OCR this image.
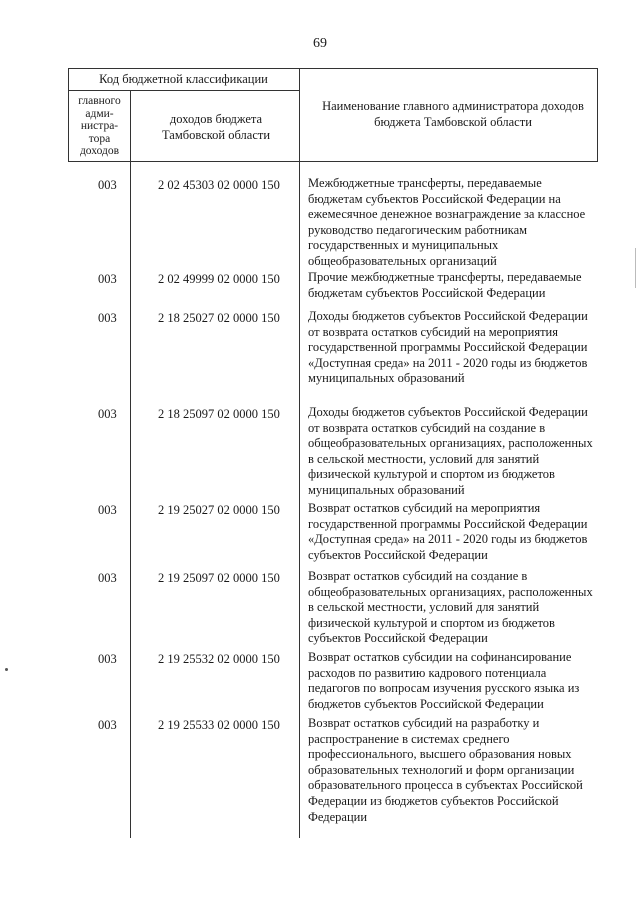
69
Код бюджетной классификации
главного адми-нистра-тора доходов
доходов бюджета Тамбовской области
Наименование главного администратора доходов бюджета Тамбовской области
003	2 02 45303 02 0000 150 Межбюджетные трансферты, передаваемые бюджетам субъектов Российской Федерации на ежемесячное денежное вознаграждение за классное руководство педагогическим работникам государственных и муниципальных общеобразовательных организаций
003	2 02 49999 02 0000 150 Прочие межбюджетные трансферты, передаваемые бюджетам субъектов Российской Федерации
003	2 18 25027 02 0000 150 Доходы бюджетов субъектов Российской Федерации от возврата остатков субсидий на мероприятия государственной программы Российской Федерации «Доступная среда» на 2011 - 2020 годы из бюджетов муниципальных образований
003	2 18 25097 02 0000 150 Доходы бюджетов субъектов Российской Федерации от возврата остатков субсидий на создание в общеобразовательных организациях, расположенных в сельской местности, условий для занятий физической культурой и спортом из бюджетов муниципальных образований
003	2 19 25027 02 0000 150 Возврат остатков субсидий на мероприятия государственной программы Российской Федерации «Доступная среда» на 2011 - 2020 годы из бюджетов субъектов Российской Федерации
003	2 19 25097 02 0000 150 Возврат остатков субсидий на создание в общеобразовательных организациях, расположенных в сельской местности, условий для занятий физической культурой и спортом из бюджетов субъектов Российской Федерации
003	2 19 25532 02 0000 150 Возврат остатков субсидии на софинансирование расходов по развитию кадрового потенциала педагогов по вопросам изучения русского языка из бюджетов субъектов Российской Федерации
003	2 19 25533 02 0000 150 Возврат остатков субсидий на разработку и распространение в системах среднего профессионального, высшего образования новых образовательных технологий и форм организации образовательного процесса в субъектах Российской Федерации из бюджетов субъектов Российской Федерации
